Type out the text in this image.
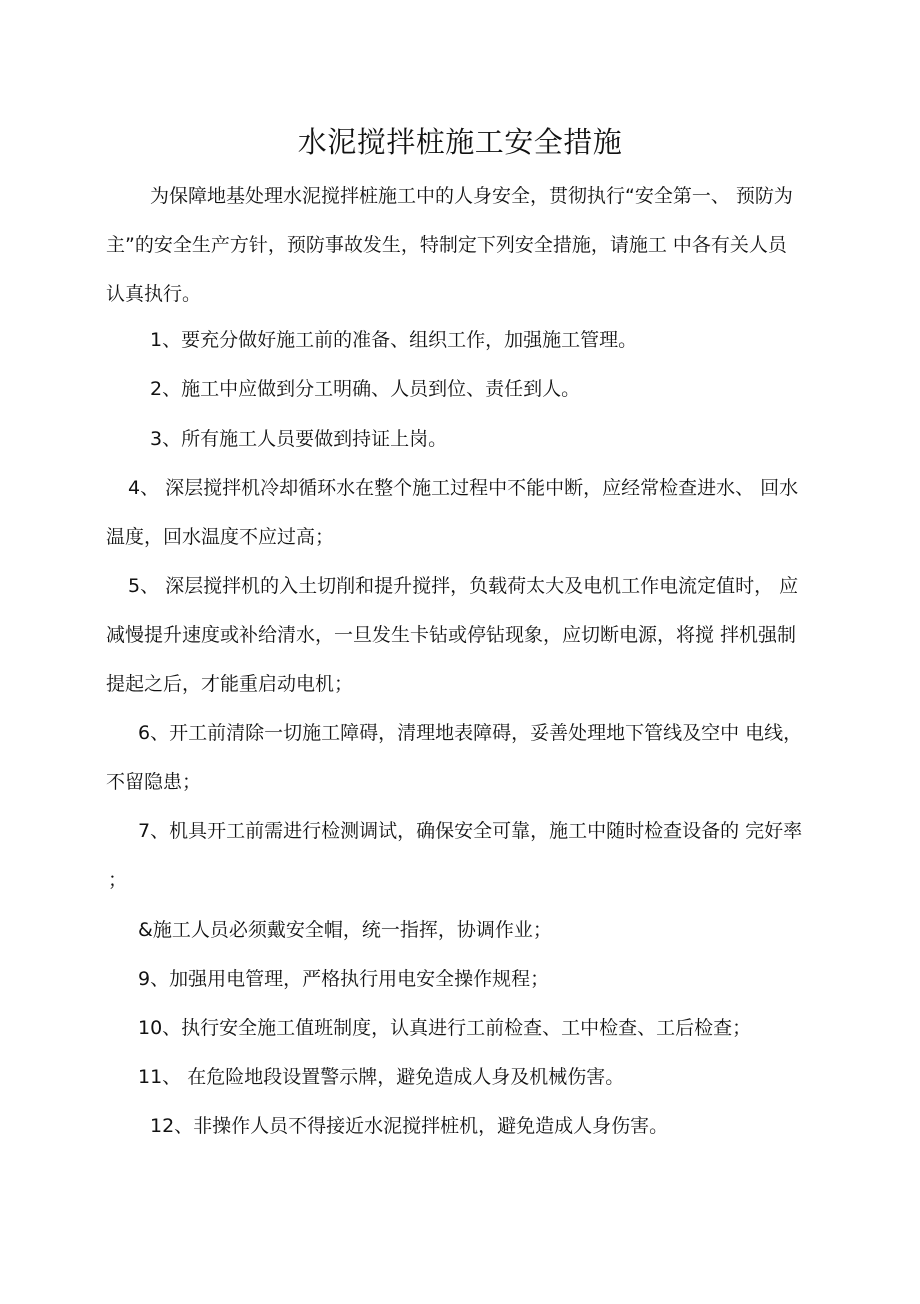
水泥搅拌桩施工安全措施

为保障地基处理水泥搅拌桩施工中的人身安全，贯彻执行“安全第一、 预防为

主”的安全生产方针，预防事故发生，特制定下列安全措施，请施工 中各有关人员

认真执行。

1、要充分做好施工前的准备、组织工作，加强施工管理。

2、施工中应做到分工明确、人员到位、责任到人。

3、所有施工人员要做到持证上岗。

4、 深层搅拌机冷却循环水在整个施工过程中不能中断，应经常检查进水、 回水

温度，回水温度不应过高；

5、 深层搅拌机的入土切削和提升搅拌，负载荷太大及电机工作电流定值时， 应

减慢提升速度或补给清水，一旦发生卡钻或停钻现象，应切断电源，将搅 拌机强制

提起之后，才能重启动电机；

6、开工前清除一切施工障碍，清理地表障碍，妥善处理地下管线及空中 电线，

不留隐患；

7、机具开工前需进行检测调试，确保安全可靠，施工中随时检查设备的 完好率

；

&施工人员必须戴安全帽，统一指挥，协调作业；

9、加强用电管理，严格执行用电安全操作规程；

10、执行安全施工值班制度，认真进行工前检查、工中检查、工后检查；

11、 在危险地段设置警示牌，避免造成人身及机械伤害。

12、非操作人员不得接近水泥搅拌桩机，避免造成人身伤害。
